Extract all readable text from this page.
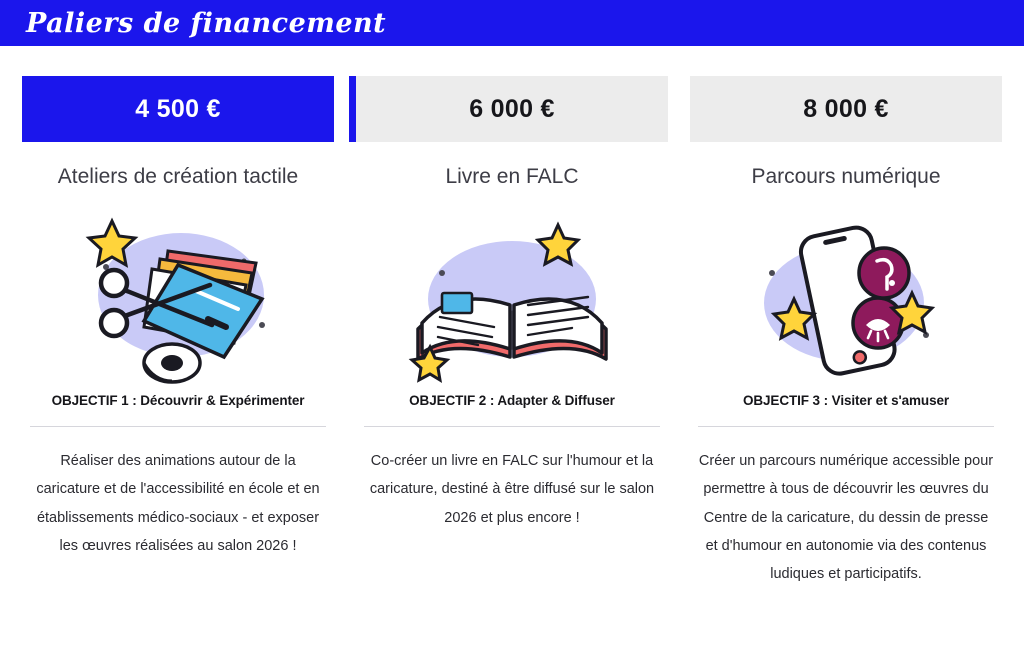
Paliers de financement
4 500 €
Ateliers de création tactile
OBJECTIF 1 : Découvrir & Expérimenter
Réaliser des animations autour de la caricature et de l'accessibilité en école et en établissements médico-sociaux - et exposer les œuvres réalisées au salon 2026 !
6 000 €
Livre en FALC
OBJECTIF 2 : Adapter & Diffuser
Co-créer un livre en FALC sur l'humour et la caricature, destiné à être diffusé sur le salon 2026 et plus encore !
8 000 €
Parcours numérique
OBJECTIF 3 : Visiter et s'amuser
Créer un parcours numérique accessible pour permettre à tous de découvrir les œuvres du Centre de la caricature, du dessin de presse et d'humour en autonomie via des contenus ludiques et participatifs.
